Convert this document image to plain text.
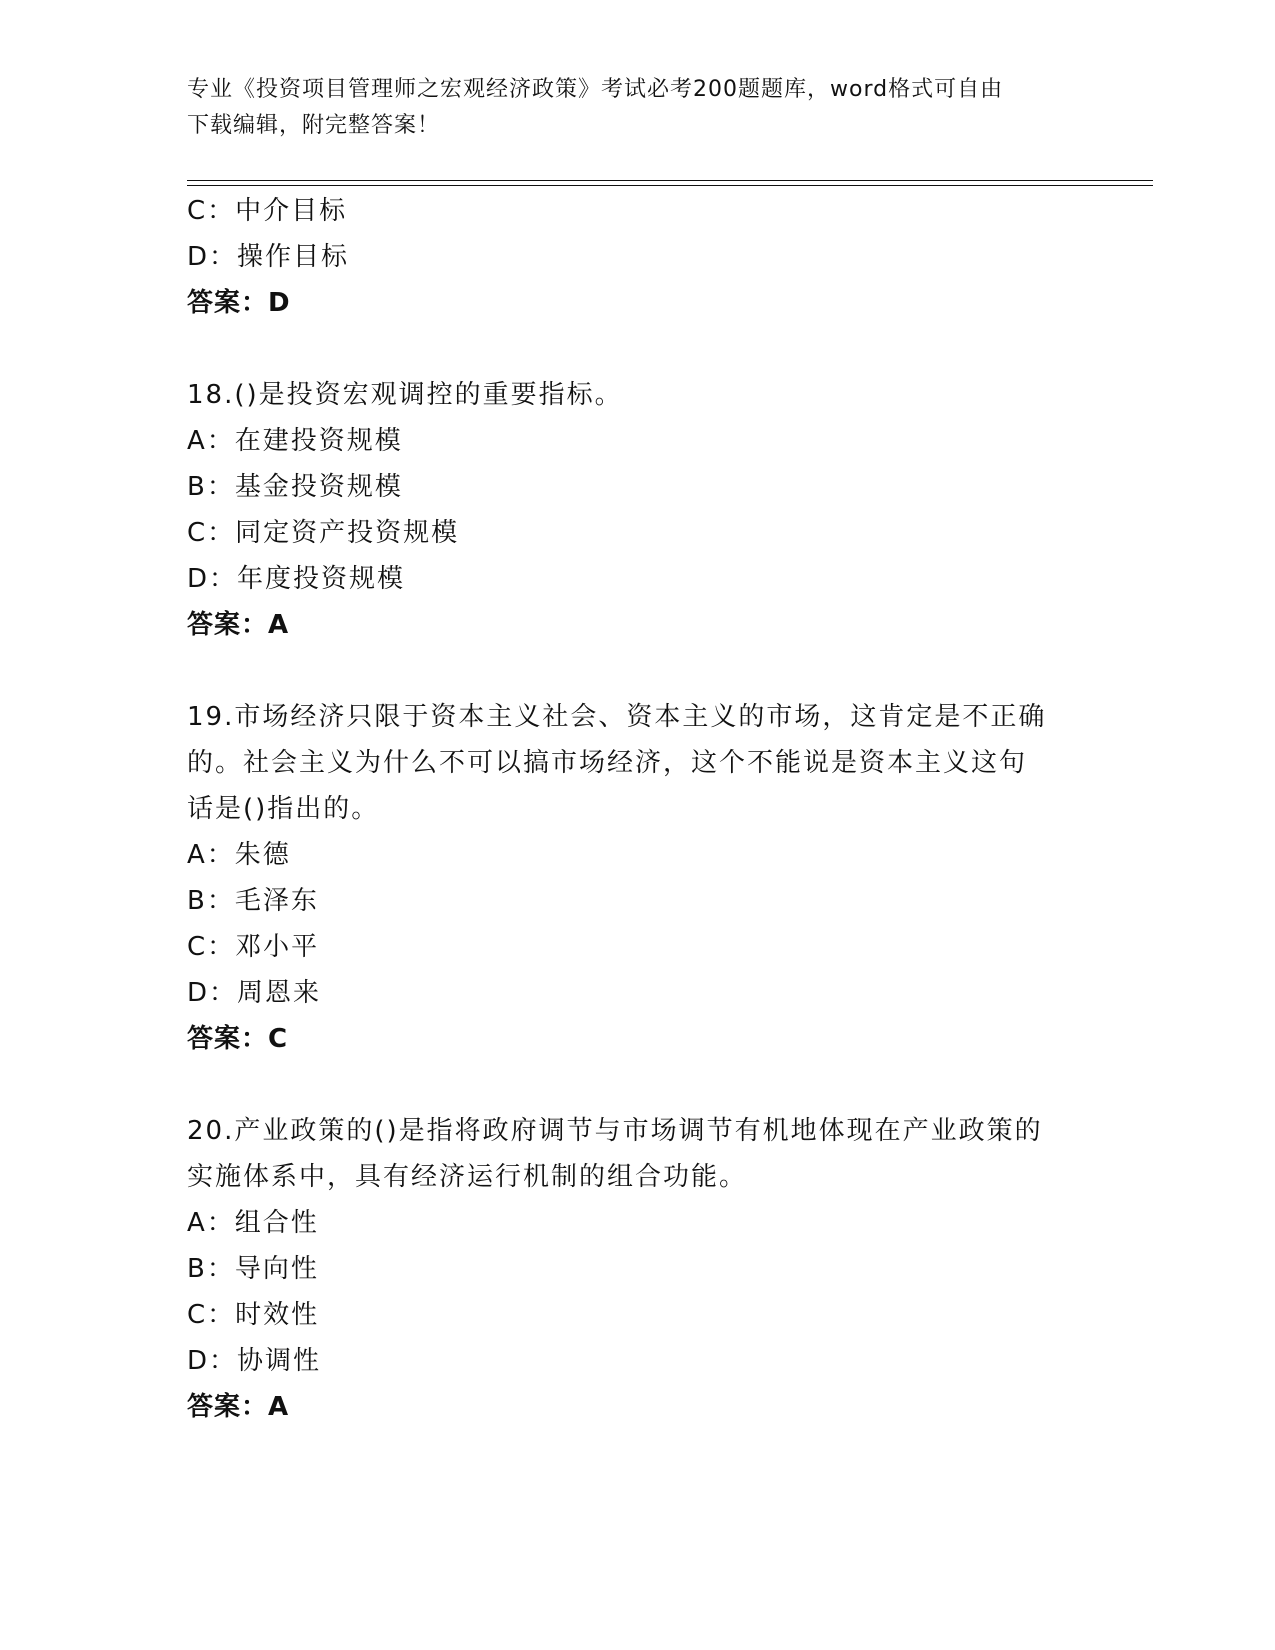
专业《投资项目管理师之宏观经济政策》考试必考200题题库，word格式可自由
下载编辑，附完整答案！
C：中介目标
D：操作目标
答案：D
18.()是投资宏观调控的重要指标。
A：在建投资规模
B：基金投资规模
C：同定资产投资规模
D：年度投资规模
答案：A
19.市场经济只限于资本主义社会、资本主义的市场，这肯定是不正确
的。社会主义为什么不可以搞市场经济，这个不能说是资本主义这句
话是()指出的。
A：朱德
B：毛泽东
C：邓小平
D：周恩来
答案：C
20.产业政策的()是指将政府调节与市场调节有机地体现在产业政策的
实施体系中，具有经济运行机制的组合功能。
A：组合性
B：导向性
C：时效性
D：协调性
答案：A
